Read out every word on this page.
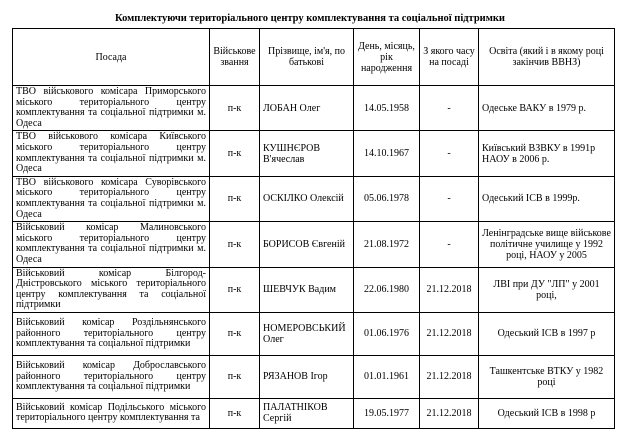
Комплектуючи територіального центру комплектування та соціальної підтримки
Посада	Військове звання	Прізвище, ім'я, по батькові	День, місяць, рік народження	З якого часу на посаді	Освіта (який і в якому році закінчив ВВНЗ)
ТВО військового комісара Приморського міського територіального центру комплектування та соціальної підтримки м. Одеса	п-к	ЛОБАН Олег	14.05.1958	-	Одеське ВАКУ в 1979 р.
ТВО військового комісара Київського міського територіального центру комплектування та соціальної підтримки м. Одеса	п-к	КУШНЄРОВ В'ячеслав	14.10.1967	-	Київський ВЗВКУ в 1991р НАОУ в 2006 р.
ТВО військового комісара Суворівського міського територіального центру комплектування та соціальної підтримки м. Одеса	п-к	ОСКІЛКО Олексій	05.06.1978	-	Одеський ІСВ в 1999р.
Військовий комісар Малиновського міського територіального центру комплектування та соціальної підтримки м. Одеса	п-к	БОРИСОВ Євгеній	21.08.1972	-	Ленінградське вище військове політичне училище у 1992 році, НАОУ у 2005
Військовий комісар Білгород-Дністровського міського територіального центру комплектування та соціальної підтримки	п-к	ШЕВЧУК Вадим	22.06.1980	21.12.2018	ЛВІ при ДУ "ЛП" у 2001 році,
Військовий комісар Роздільнянського районного територіального центру комплектування та соціальної підтримки	п-к	НОМЕРОВСЬКИЙ Олег	01.06.1976	21.12.2018	Одеський ІСВ в 1997 р
Військовий комісар Доброславського районного територіального центру комплектування та соціальної підтримки	п-к	РЯЗАНОВ Ігор	01.01.1961	21.12.2018	Ташкентське ВТКУ у 1982 році
Військовий комісар Подільського міського територіального центру комплектування та	п-к	ПАЛАТНІКОВ Сергій	19.05.1977	21.12.2018	Одеський ІСВ в 1998 р
